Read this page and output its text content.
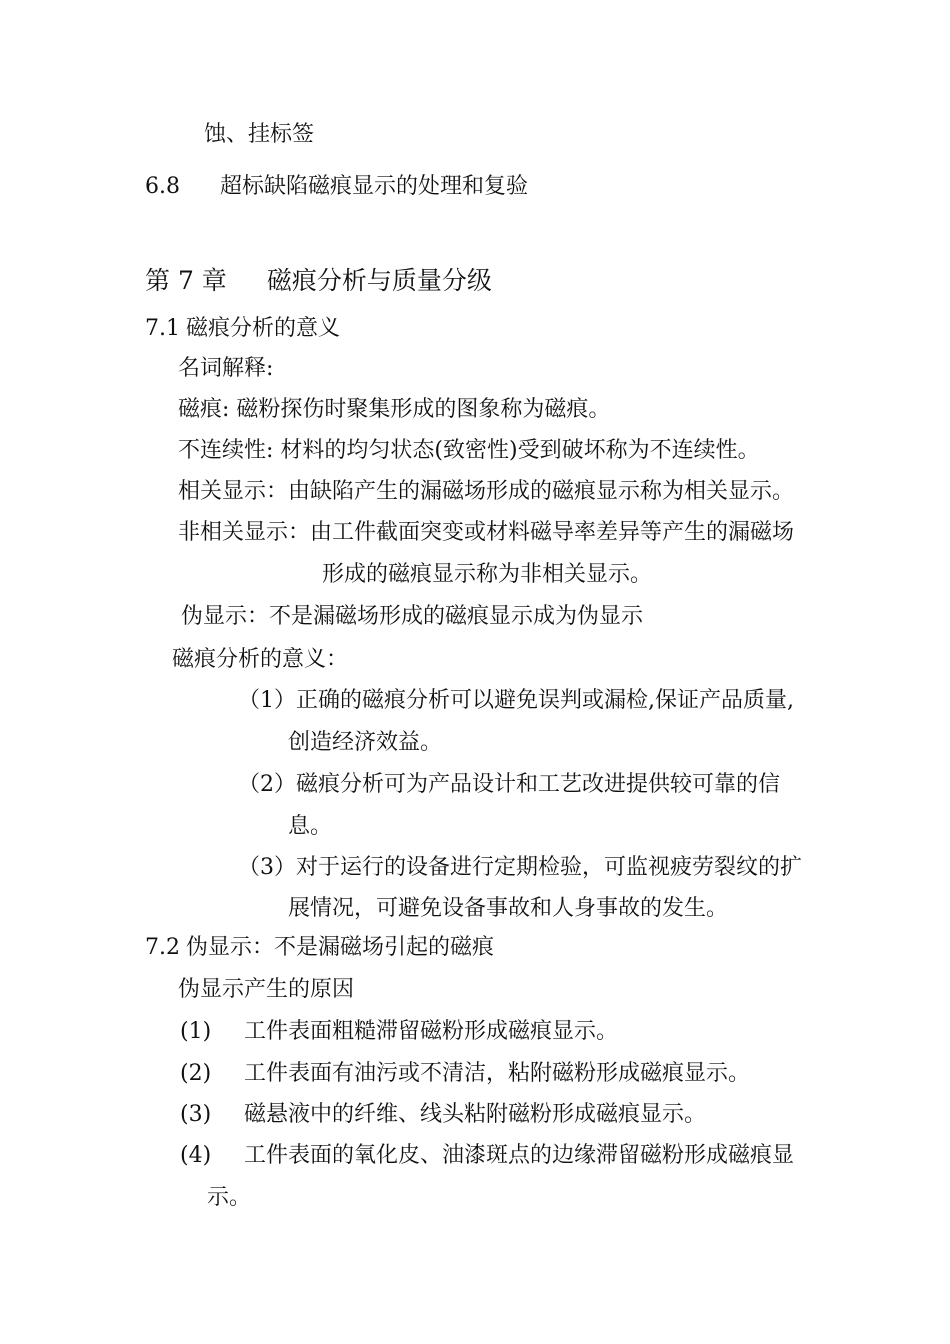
蚀、挂标签
6.8 超标缺陷磁痕显示的处理和复验
第 7 章 磁痕分析与质量分级
7.1 磁痕分析的意义
名词解释:
磁痕: 磁粉探伤时聚集形成的图象称为磁痕。
不连续性: 材料的均匀状态(致密性)受到破坏称为不连续性。
相关显示：由缺陷产生的漏磁场形成的磁痕显示称为相关显示。
非相关显示：由工件截面突变或材料磁导率差异等产生的漏磁场
形成的磁痕显示称为非相关显示。
伪显示：不是漏磁场形成的磁痕显示成为伪显示
磁痕分析的意义：
（1）正确的磁痕分析可以避免误判或漏检,保证产品质量,
创造经济效益。
（2）磁痕分析可为产品设计和工艺改进提供较可靠的信
息。
（3）对于运行的设备进行定期检验，可监视疲劳裂纹的扩
展情况，可避免设备事故和人身事故的发生。
7.2 伪显示：不是漏磁场引起的磁痕
伪显示产生的原因
(1) 工件表面粗糙滞留磁粉形成磁痕显示。
(2) 工件表面有油污或不清洁，粘附磁粉形成磁痕显示。
(3) 磁悬液中的纤维、线头粘附磁粉形成磁痕显示。
(4) 工件表面的氧化皮、油漆斑点的边缘滞留磁粉形成磁痕显
示。
